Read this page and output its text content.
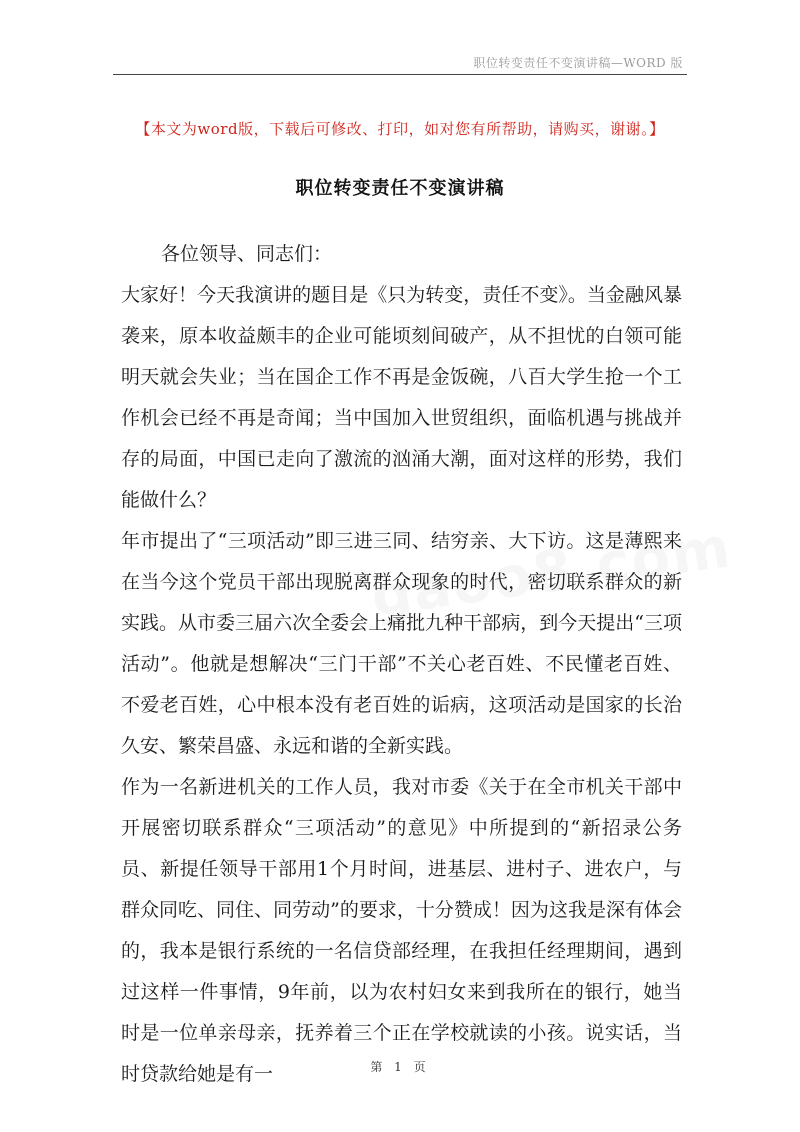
职位转变责任不变演讲稿—WORD 版
【本文为word版，下载后可修改、打印，如对您有所帮助，请购买，谢谢。】
职位转变责任不变演讲稿

各位领导、同志们：

大家好！今天我演讲的题目是《只为转变，责任不变》。当金融风暴袭来，原本收益颇丰的企业可能顷刻间破产，从不担忧的白领可能明天就会失业；当在国企工作不再是金饭碗，八百大学生抢一个工作机会已经不再是奇闻；当中国加入世贸组织，面临机遇与挑战并存的局面，中国已走向了激流的汹涌大潮，面对这样的形势，我们能做什么？

年市提出了“三项活动”即三进三同、结穷亲、大下访。这是薄熙来在当今这个党员干部出现脱离群众现象的时代，密切联系群众的新实践。从市委三届六次全委会上痛批九种干部病，到今天提出“三项活动”。他就是想解决“三门干部”不关心老百姓、不民懂老百姓、不爱老百姓，心中根本没有老百姓的诟病，这项活动是国家的长治久安、繁荣昌盛、永远和谐的全新实践。

作为一名新进机关的工作人员，我对市委《关于在全市机关干部中开展密切联系群众“三项活动”的意见》中所提到的“新招录公务员、新提任领导干部用1个月时间，进基层、进村子、进农户，与群众同吃、同住、同劳动”的要求，十分赞成！因为这我是深有体会的，我本是银行系统的一名信贷部经理，在我担任经理期间，遇到过这样一件事情，9年前，以为农村妇女来到我所在的银行，她当时是一位单亲母亲，抚养着三个正在学校就读的小孩。说实话，当时贷款给她是有一	第 1 页
